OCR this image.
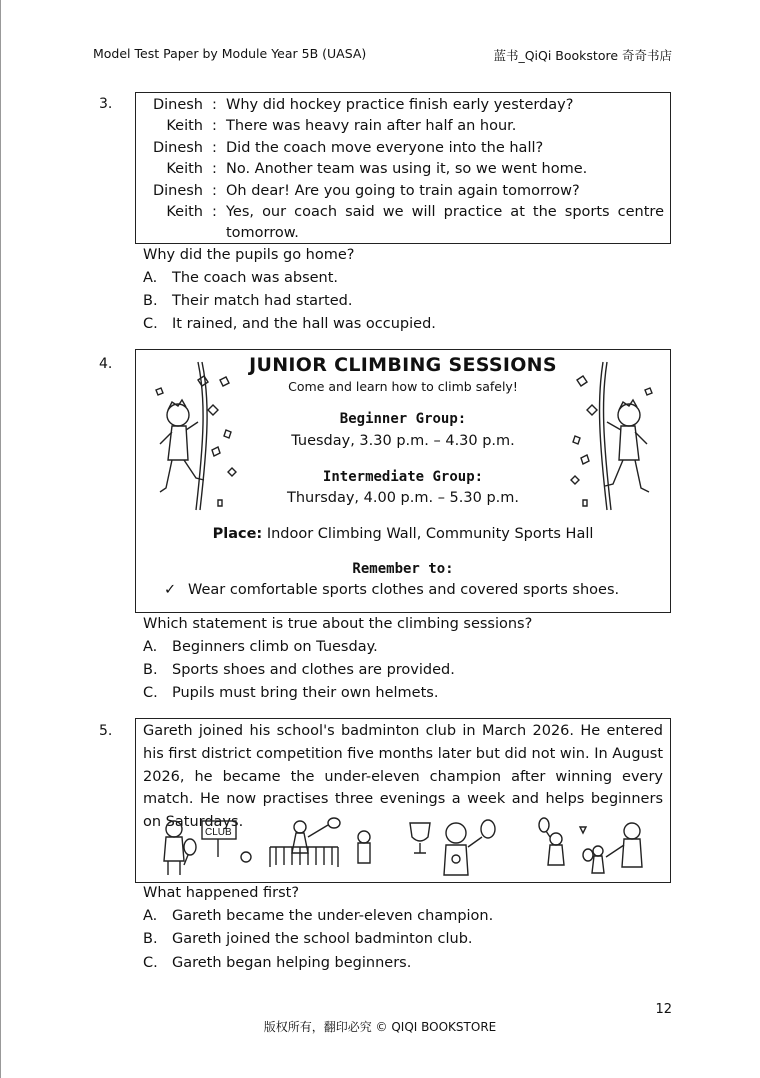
Model Test Paper by Module Year 5B (UASA)	蓝书_QiQi Bookstore 奇奇书店
3.	Dinesh : Why did hockey practice finish early yesterday?
Keith : There was heavy rain after half an hour.
Dinesh : Did the coach move everyone into the hall?
Keith : No. Another team was using it, so we went home.
Dinesh : Oh dear! Are you going to train again tomorrow?
Keith : Yes, our coach said we will practice at the sports centre tomorrow.
Why did the pupils go home?
A. The coach was absent.
B. Their match had started.
C. It rained, and the hall was occupied.
4.	JUNIOR CLIMBING SESSIONS
Come and learn how to climb safely!
Beginner Group:
Tuesday, 3.30 p.m. – 4.30 p.m.
Intermediate Group:
Thursday, 4.00 p.m. – 5.30 p.m.
Place: Indoor Climbing Wall, Community Sports Hall
Remember to:
✓ Wear comfortable sports clothes and covered sports shoes.
Which statement is true about the climbing sessions?
A. Beginners climb on Tuesday.
B. Sports shoes and clothes are provided.
C. Pupils must bring their own helmets.
5. Gareth joined his school's badminton club in March 2026. He entered his first district competition five months later but did not win. In August 2026, he became the under-eleven champion after winning every match. He now practises three evenings a week and helps beginners on Saturdays.
CLUB
What happened first?
A. Gareth became the under-eleven champion.
B. Gareth joined the school badminton club.
C. Gareth began helping beginners.
12
版权所有，翻印必究 © QIQI BOOKSTORE
